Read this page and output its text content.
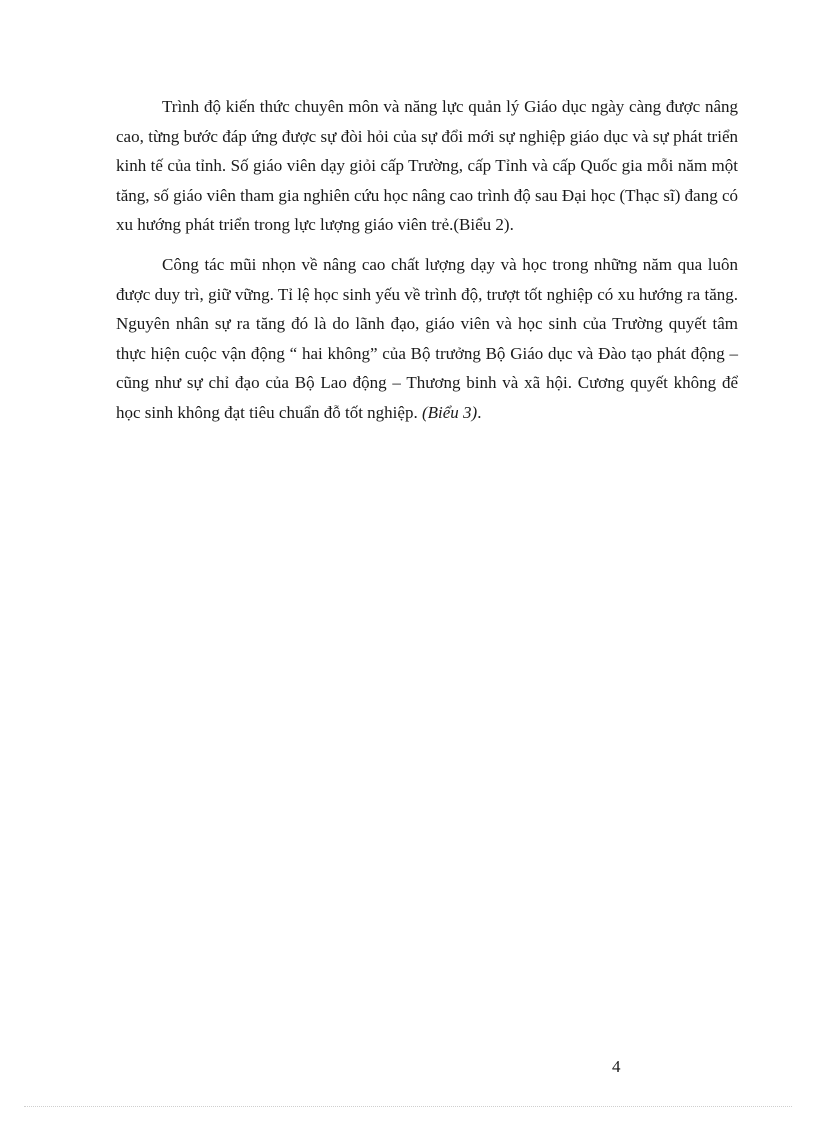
Trình độ kiến thức chuyên môn và năng lực quản lý Giáo dục ngày càng được nâng cao, từng bước đáp ứng được sự đòi hỏi của sự đổi mới sự nghiệp giáo dục và sự phát triển kinh tế của tỉnh. Số giáo viên dạy giỏi cấp Trường, cấp Tỉnh và cấp Quốc gia mỗi năm một tăng, số giáo viên tham gia nghiên cứu học nâng cao trình độ sau Đại học (Thạc sĩ) đang có xu hướng phát triển trong lực lượng giáo viên trẻ.(Biểu 2).

Công tác mũi nhọn về nâng cao chất lượng dạy và học trong những năm qua luôn được duy trì, giữ vững. Tỉ lệ học sinh yếu về trình độ, trượt tốt nghiệp có xu hướng ra tăng. Nguyên nhân sự ra tăng đó là do lãnh đạo, giáo viên và học sinh của Trường quyết tâm thực hiện cuộc vận động “ hai không” của Bộ trưởng Bộ Giáo dục và Đào tạo phát động – cũng như sự chỉ đạo của Bộ Lao động – Thương binh và xã hội. Cương quyết không để học sinh không đạt tiêu chuẩn đỗ tốt nghiệp. (Biểu 3).

4
